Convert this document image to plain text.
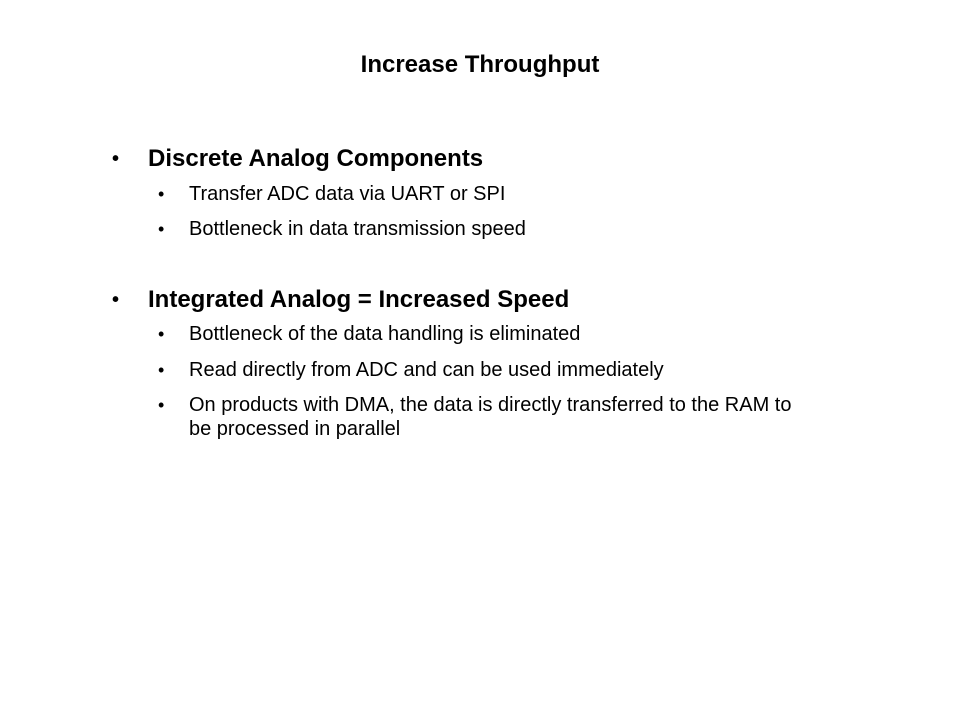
Increase Throughput
• Discrete Analog Components
• Transfer ADC data via UART or SPI
• Bottleneck in data transmission speed
• Integrated Analog = Increased Speed
• Bottleneck of the data handling is eliminated
• Read directly from ADC and can be used immediately
• On products with DMA, the data is directly transferred to the RAM to be processed in parallel
